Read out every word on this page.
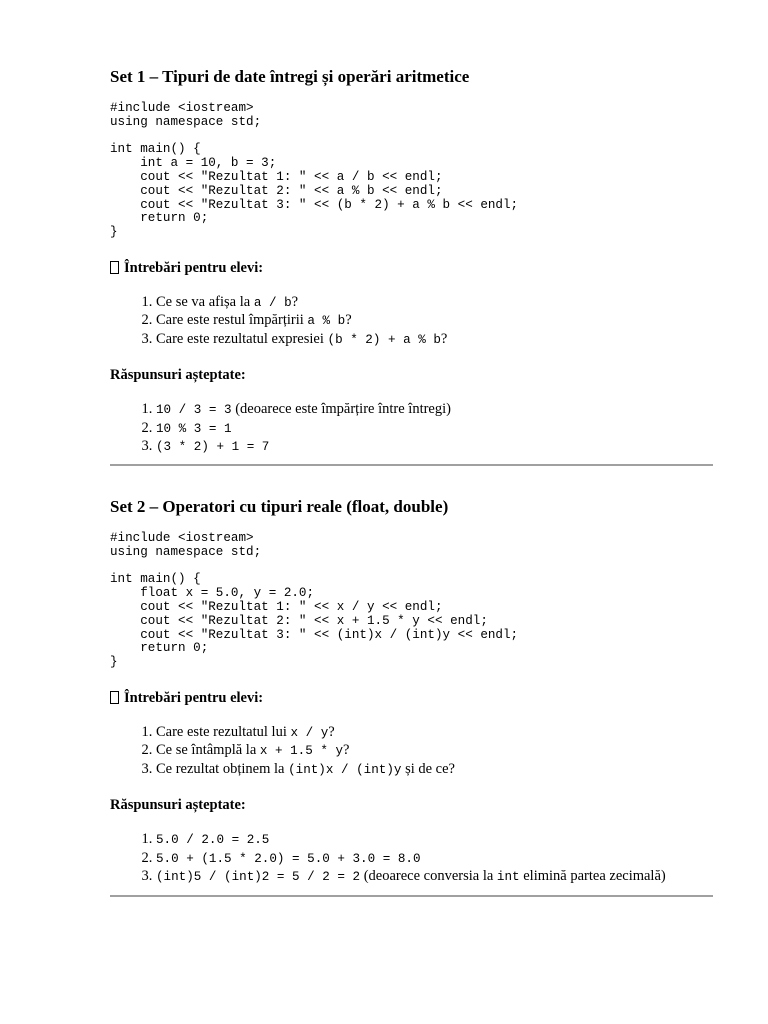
Set 1 – Tipuri de date întregi și operări aritmetice
#include <iostream>
using namespace std;

int main() {
int a = 10, b = 3;
cout << "Rezultat 1: " << a / b << endl;
cout << "Rezultat 2: " << a % b << endl;
cout << "Rezultat 3: " << (b * 2) + a % b << endl;
return 0;
}
Întrebări pentru elevi:
1. Ce se va afișa la a / b?
2. Care este restul împărțirii a % b?
3. Care este rezultatul expresiei (b * 2) + a % b?
Răspunsuri așteptate:
1. 10 / 3 = 3 (deoarece este împărțire între întregi)
2. 10 % 3 = 1
3. (3 * 2) + 1 = 7
Set 2 – Operatori cu tipuri reale (float, double)
#include <iostream>
using namespace std;

int main() {
float x = 5.0, y = 2.0;
cout << "Rezultat 1: " << x / y << endl;
cout << "Rezultat 2: " << x + 1.5 * y << endl;
cout << "Rezultat 3: " << (int)x / (int)y << endl;
return 0;
}
Întrebări pentru elevi:
1. Care este rezultatul lui x / y?
2. Ce se întâmplă la x + 1.5 * y?
3. Ce rezultat obținem la (int)x / (int)y și de ce?
Răspunsuri așteptate:
1. 5.0 / 2.0 = 2.5
2. 5.0 + (1.5 * 2.0) = 5.0 + 3.0 = 8.0
3. (int)5 / (int)2 = 5 / 2 = 2 (deoarece conversia la int elimină partea zecimală)
